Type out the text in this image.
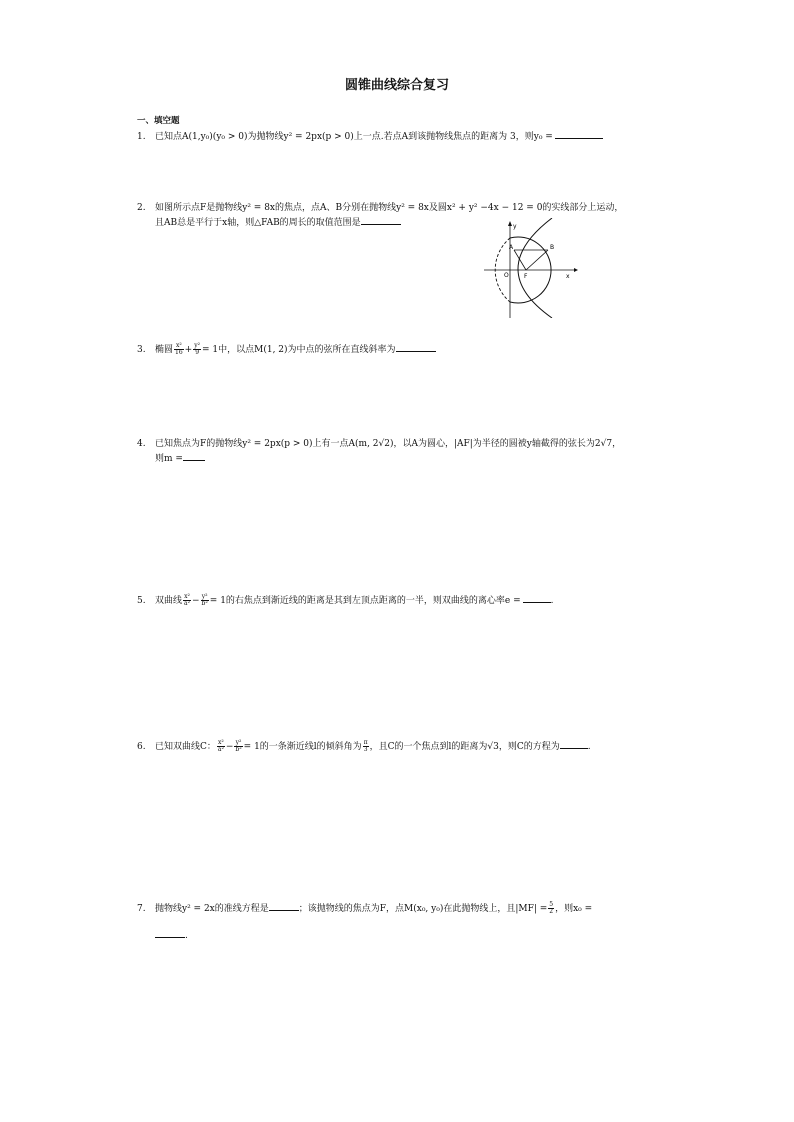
圆锥曲线综合复习
一、填空题
1. 已知点A(1,y₀)(y₀ > 0)为抛物线y² = 2px(p > 0)上一点.若点A到该抛物线焦点的距离为 3，则y₀ =
2. 如图所示点F是抛物线y² = 8x的焦点，点A、B分别在抛物线y² = 8x及圆x² + y² −4x − 12 = 0的实线部分上运动，
且AB总是平行于x轴，则△FAB的周长的取值范围是	y
x
O	F
A	B
3. 椭圆 $\frac{\text{x²}}{16} + \frac{\text{y²}}{9} = 1$中，以点M(1, 2)为中点的弦所在直线斜率为
4. 已知焦点为F的抛物线y² = 2px(p > 0)上有一点A(m, 2√2)，以A为圆心，|AF|为半径的圆被y轴截得的弦长为2√7，
则m =
5. 双曲线 $\frac{\text{x²}}{\text{a²}} - \frac{\text{y²}}{\text{b²}} = 1$的右焦点到渐近线的距离是其到左顶点距离的一半，则双曲线的离心率e =	.
6. 已知双曲线C： $\frac{\text{x²}}{\text{a²}} - \frac{\text{y²}}{\text{b²}} = 1$的一条渐近线l的倾斜角为 $\frac{\pi}{3}$ ，且C的一个焦点到l的距离为√3，则C的方程为	.
7. 抛物线y² = 2x的准线方程是	；该抛物线的焦点为F，点M(x₀, y₀)在此抛物线上，且$|MF| = \frac{5}{2}$ ，则x₀ =
.
